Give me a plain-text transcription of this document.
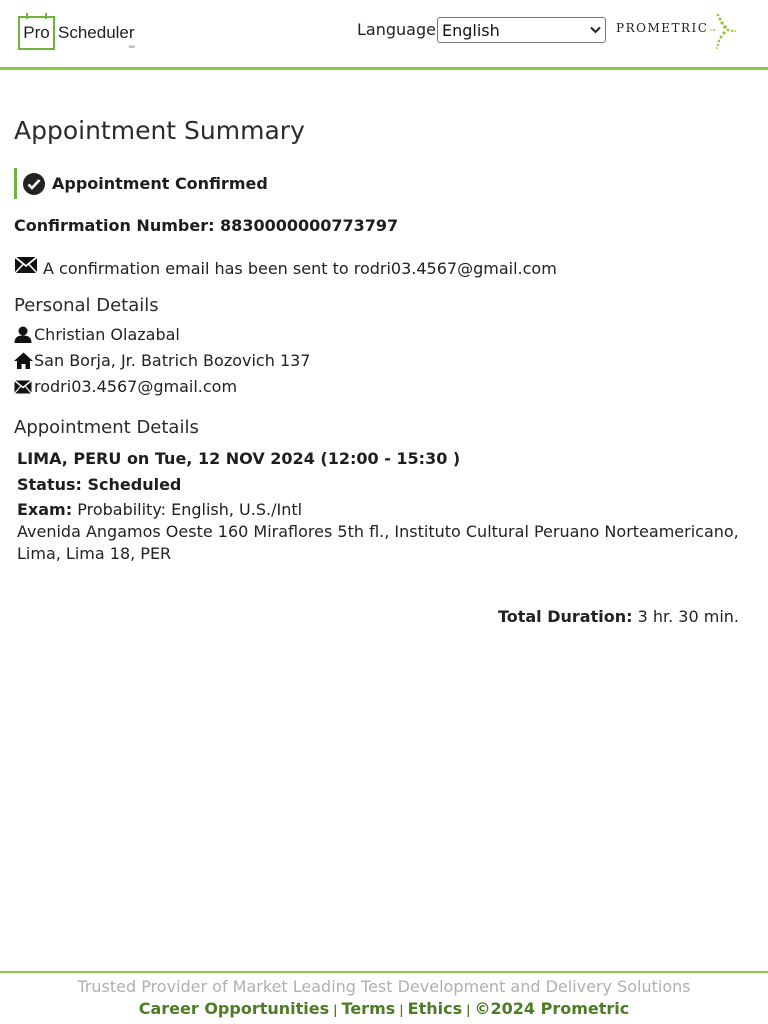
Pro Scheduler
SM
Language English	PROMETRIC
Appointment Summary
Appointment Confirmed
Confirmation Number: 8830000000773797
A confirmation email has been sent to rodri03.4567@gmail.com
Personal Details
Christian Olazabal
San Borja, Jr. Batrich Bozovich 137
rodri03.4567@gmail.com
Appointment Details
LIMA, PERU on Tue, 12 NOV 2024 (12:00 - 15:30 )
Status: Scheduled
Exam: Probability: English, U.S./Intl
Avenida Angamos Oeste 160 Miraflores 5th fl., Instituto Cultural Peruano Norteamericano, Lima, Lima 18, PER
Total Duration: 3 hr. 30 min.
Trusted Provider of Market Leading Test Development and Delivery Solutions
Career Opportunities | Terms | Ethics | ©2024 Prometric
